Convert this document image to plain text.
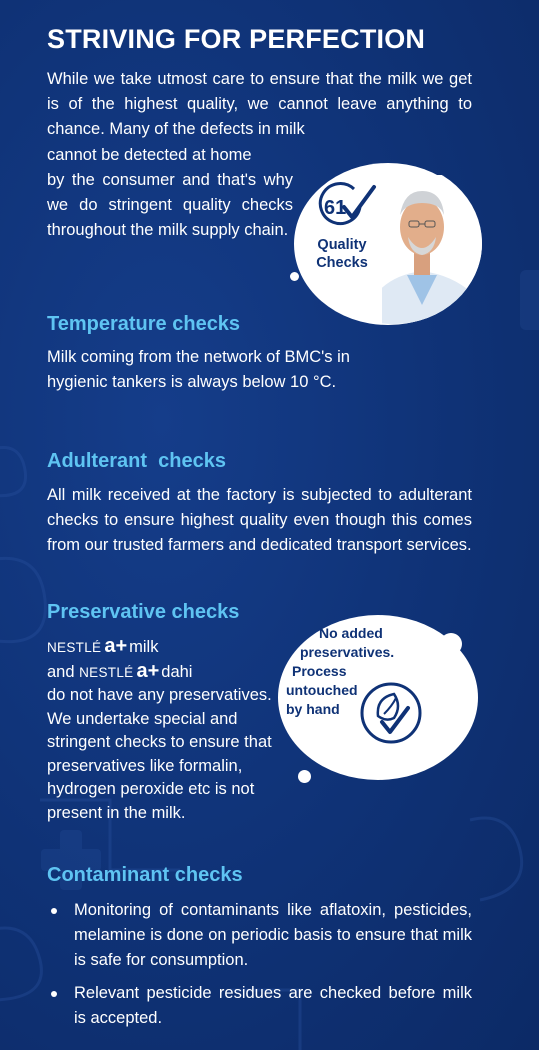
STRIVING FOR PERFECTION
While we take utmost care to ensure that the milk we get is of the highest quality, we cannot leave anything to chance. Many of the defects in milk
cannot be detected at home
by the consumer and that's why we do stringent quality checks throughout the milk supply chain.
61
Quality
Checks
Temperature checks
Milk coming from the network of BMC's in hygienic tankers is always below 10 °C.
Adulterant  checks
All milk received at the factory is subjected to adulterant checks to ensure highest quality even though this comes from our trusted farmers and dedicated transport services.
Preservative checks
NESTLÉ a+ milk
and NESTLÉ a+ dahi
do not have any preservatives. We undertake special and stringent checks to ensure that preservatives like formalin, hydrogen peroxide etc is not present in the milk.
No added
preservatives.
Process
untouched
by hand
Contaminant checks
Monitoring of contaminants like aflatoxin, pesticides, melamine is done on periodic basis to ensure that milk is safe for consumption.
Relevant pesticide residues are checked before milk is accepted.
